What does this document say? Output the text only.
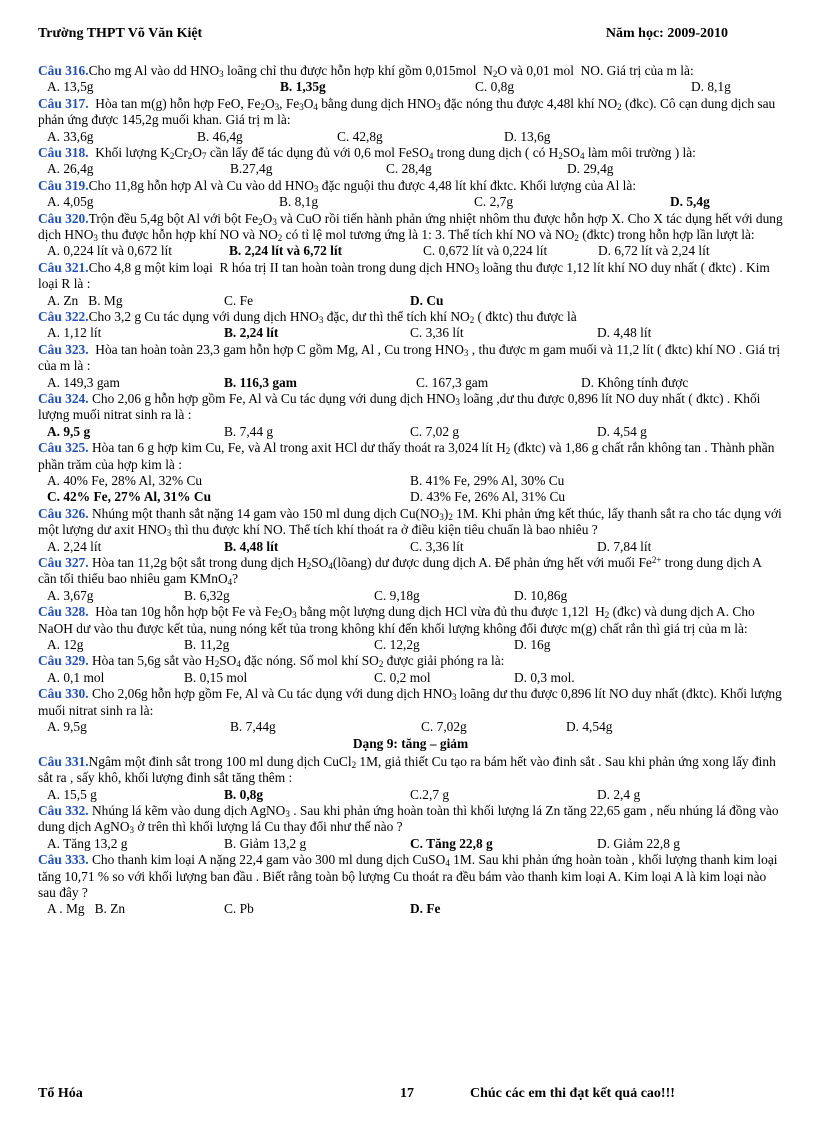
Trường THPT Võ Văn Kiệt	Năm học: 2009-2010

Câu 316.Cho mg Al vào dd $HNO_3$ loãng chỉ thu được hỗn hợp khí gồm 0,015mol  $N_2O$ và 0,01 mol  NO. Giá trị của m là:

A. 13,5g	B. 1,35g	C. 0,8g	D. 8,1g

Câu 317.  Hòa tan m(g) hỗn hợp FeO, $Fe_2O_3$, $Fe_3O_4$ bằng dung dịch $HNO_3$ đặc nóng thu được 4,48l khí $NO_2$ (đkc). Cô cạn dung dịch sau phản ứng được 145,2g muối khan. Giá trị m là:

A. 33,6g	B. 46,4g	C. 42,8g	D. 13,6g

Câu 318.  Khối lượng $K_2Cr_2O_7$ cần lấy để tác dụng đủ với 0,6 mol FeSO$_4$ trong dung dịch ( có $H_2SO_4$ làm môi trường ) là:

A. 26,4g	B.27,4g	C. 28,4g	D. 29,4g

Câu 319.Cho 11,8g hỗn hợp Al và Cu vào dd $HNO_3$ đặc nguội thu được 4,48 lít khí đktc. Khối lượng của Al là:

A. 4,05g	B. 8,1g	C. 2,7g	D. 5,4g

Câu 320.Trộn đều 5,4g bột Al với bột $Fe_2O_3$ và CuO rồi tiến hành phản ứng nhiệt nhôm thu được hỗn hợp X. Cho X tác dụng hết với dung dịch $HNO_3$ thu được hỗn hợp khí NO và $NO_2$ có tỉ lệ mol tương ứng là 1: 3. Thể tích khí NO và $NO_2$ (đktc) trong hỗn hợp lần lượt là:

A. 0,224 lít và 0,672 lít	B. 2,24 lít và 6,72 lít	C. 0,672 lít và 0,224 lít	D. 6,72 lít và 2,24 lít

Câu 321.Cho 4,8 g một kim loại  R hóa trị II tan hoàn toàn trong dung dịch $HNO_3$ loãng thu được 1,12 lít khí NO duy nhất ( đktc) . Kim loại R là :

A. Zn   B. Mg	C. Fe	D. Cu

Câu 322.Cho 3,2 g Cu tác dụng với dung dịch $HNO_3$ đặc, dư thì thể tích khí $NO_2$ ( đktc) thu được là

A. 1,12 lít	B. 2,24 lít	C. 3,36 lít	D. 4,48 lít

Câu 323.  Hòa tan hoàn toàn 23,3 gam hỗn hợp C gồm Mg, Al , Cu trong $HNO_3$ , thu được m gam muối và 11,2 lít ( đktc) khí NO . Giá trị của m là :

A. 149,3 gam	B. 116,3 gam	C. 167,3 gam	D. Không tính được

Câu 324. Cho 2,06 g hỗn hợp gồm Fe, Al và Cu tác dụng với dung dịch $HNO_3$ loãng ,dư thu được 0,896 lít NO duy nhất ( đktc) . Khối lượng muối nitrat sinh ra là :

A. 9,5 g	B. 7,44 g	C. 7,02 g	D. 4,54 g

Câu 325. Hòa tan 6 g hợp kim Cu, Fe, và Al trong axit HCl dư thấy thoát ra 3,024 lít $H_2$ (đktc) và 1,86 g chất rắn không tan . Thành phần phần trăm của hợp kim là :

A. 40% Fe, 28% Al, 32% Cu	B. 41% Fe, 29% Al, 30% Cu
C. 42% Fe, 27% Al, 31% Cu	D. 43% Fe, 26% Al, 31% Cu

Câu 326. Nhúng một thanh sắt nặng 14 gam vào 150 ml dung dịch $Cu(NO_3)_2$ 1M. Khi phản ứng kết thúc, lấy thanh sắt ra cho tác dụng với một lượng dư axit $HNO_3$ thì thu được khí NO. Thể tích khí thoát ra ở điều kiện tiêu chuẩn là bao nhiêu ?

A. 2,24 lít	B. 4,48 lít	C. 3,36 lít	D. 7,84 lít

Câu 327. Hòa tan 11,2g bột sắt trong dung dịch $H_2SO_4(lõang)$ dư được dung dịch A. Để phản ứng hết với muối $Fe^{2+}$ trong dung dịch A cần tối thiểu bao nhiêu gam KMnO$_4$?

A. 3,67g	B. 6,32g	C. 9,18g	D. 10,86g

Câu 328.  Hòa tan 10g hỗn hợp bột Fe và $Fe_2O_3$ bằng một lượng dung dịch HCl vừa đủ thu được 1,12l  $H_2$ (đkc) và dung dịch A. Cho NaOH dư vào thu được kết tủa, nung nóng kết tủa trong không khí đến khối lượng không đổi được m(g) chất rắn thì giá trị của m là:

A. 12g	B. 11,2g	C. 12,2g	D. 16g

Câu 329. Hòa tan 5,6g sắt vào $H_2SO_4$ đặc nóng. Số mol khí $SO_2$ được giải phóng ra là:

A. 0,1 mol	B. 0,15 mol	C. 0,2 mol	D. 0,3 mol.

Câu 330. Cho 2,06g hỗn hợp gồm Fe, Al và Cu tác dụng với dung dịch $HNO_3$ loãng dư thu được 0,896 lít NO duy nhất (đktc). Khối lượng muối nitrat sinh ra là:

A. 9,5g	B. 7,44g	C. 7,02g	D. 4,54g
Dạng 9: tăng – giảm

Câu 331.Ngâm một đinh sắt trong 100 ml dung dịch CuCl$_2$ 1M, giả thiết Cu tạo ra bám hết vào đinh sắt . Sau khi phản ứng xong lấy đinh sắt ra , sấy khô, khối lượng đinh sắt tăng thêm :

A. 15,5 g	B. 0,8g	C.2,7 g	D. 2,4 g

Câu 332. Nhúng lá kẽm vào dung dịch AgNO$_3$ . Sau khi phản ứng hoàn toàn thì khối lượng lá Zn tăng 22,65 gam , nếu nhúng lá đồng vào dung dịch AgNO$_3$ ở trên thì khối lượng lá Cu thay đổi như thế nào ?

A. Tăng 13,2 g	B. Giảm 13,2 g	C. Tăng 22,8 g	D. Giảm 22,8 g

Câu 333. Cho thanh kim loại A nặng 22,4 gam vào 300 ml dung dịch CuSO$_4$ 1M. Sau khi phản ứng hoàn toàn , khối lượng thanh kim loại tăng 10,71 % so với khối lượng ban đầu . Biết rằng toàn bộ lượng Cu thoát ra đều bám vào thanh kim loại A. Kim loại A là kim loại nào sau đây ?

A . Mg   B. Zn	C. Pb	D. Fe
Tổ Hóa	17	Chúc các em thi đạt kết quả cao!!!
